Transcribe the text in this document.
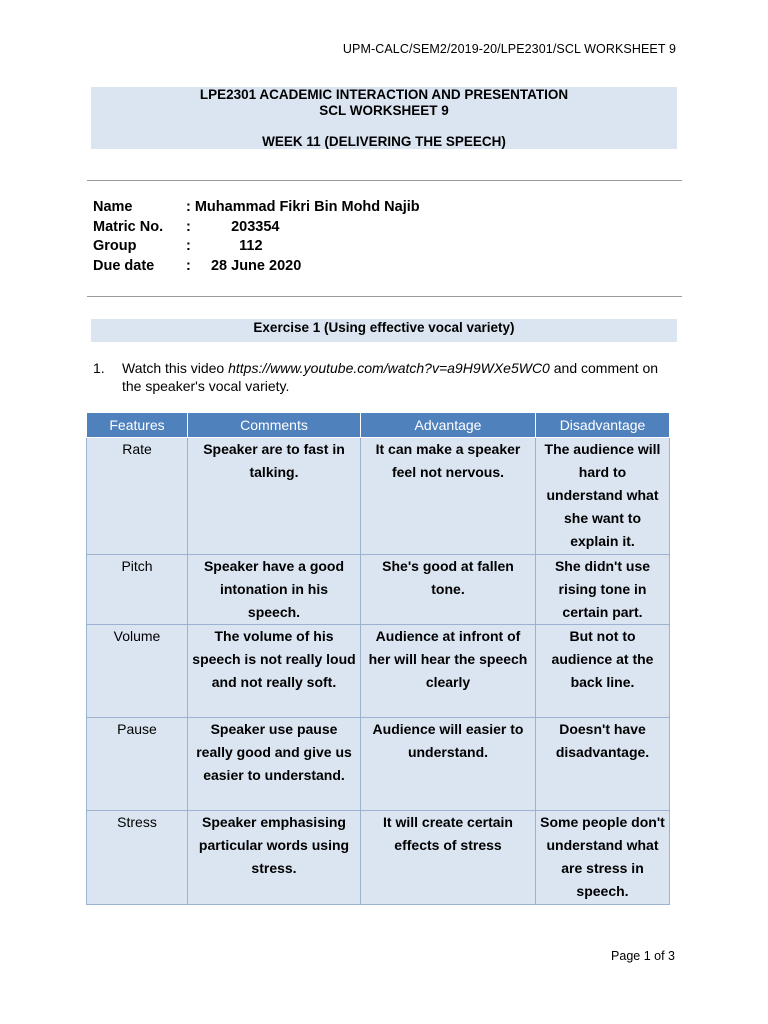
UPM-CALC/SEM2/2019-20/LPE2301/SCL WORKSHEET 9
LPE2301 ACADEMIC INTERACTION AND PRESENTATION
SCL WORKSHEET 9
WEEK 11 (DELIVERING THE SPEECH)
Name	: Muhammad Fikri Bin Mohd Najib
Matric No. :          203354
Group	:            112
Due date :     28 June 2020
Exercise 1 (Using effective vocal variety)
1. Watch this video https://www.youtube.com/watch?v=a9H9WXe5WC0 and comment on
the speaker's vocal variety.
Features	Comments	Advantage	Disadvantage
Rate	Speaker are to fast in talking.	It can make a speaker feel not nervous.	The audience will hard to understand what she want to explain it.
Pitch	Speaker have a good intonation in his speech.	She's good at fallen tone.	She didn't use rising tone in certain part.
Volume	The volume of his speech is not really loud and not really soft.	Audience at infront of her will hear the speech clearly	But not to audience at the back line.
Pause	Speaker use pause really good and give us easier to understand.	Audience will easier to understand.	Doesn't have disadvantage.
Stress	Speaker emphasising particular words using stress.	It will create certain effects of stress	Some people don't understand what are stress in speech.
Page 1 of 3
